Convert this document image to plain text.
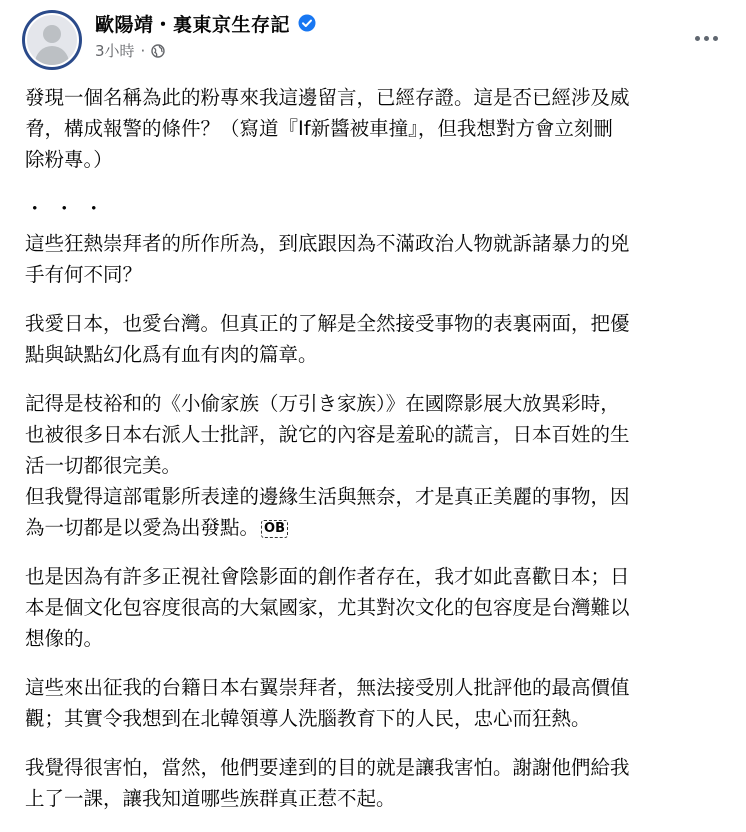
歐陽靖・裏東京生存記
3小時 ·

發現一個名稱為此的粉專來我這邊留言，已經存證。這是否已經涉及威
脅，構成報警的條件？（寫道『If新醬被車撞』，但我想對方會立刻刪
除粉專。）

・・・

這些狂熱崇拜者的所作所為，到底跟因為不滿政治人物就訴諸暴力的兇
手有何不同？

我愛日本，也愛台灣。但真正的了解是全然接受事物的表裏兩面，把優
點與缺點幻化爲有血有肉的篇章。

記得是枝裕和的《小偷家族（万引き家族）》在國際影展大放異彩時，
也被很多日本右派人士批評，說它的內容是羞恥的謊言，日本百姓的生
活一切都很完美。
但我覺得這部電影所表達的邊緣生活與無奈，才是真正美麗的事物，因
為一切都是以愛為出發點。 OB

也是因為有許多正視社會陰影面的創作者存在，我才如此喜歡日本；日
本是個文化包容度很高的大氣國家，尤其對次文化的包容度是台灣難以
想像的。

這些來出征我的台籍日本右翼崇拜者，無法接受別人批評他的最高價值
觀；其實令我想到在北韓領導人洗腦教育下的人民，忠心而狂熱。

我覺得很害怕，當然，他們要達到的目的就是讓我害怕。謝謝他們給我
上了一課，讓我知道哪些族群真正惹不起。
